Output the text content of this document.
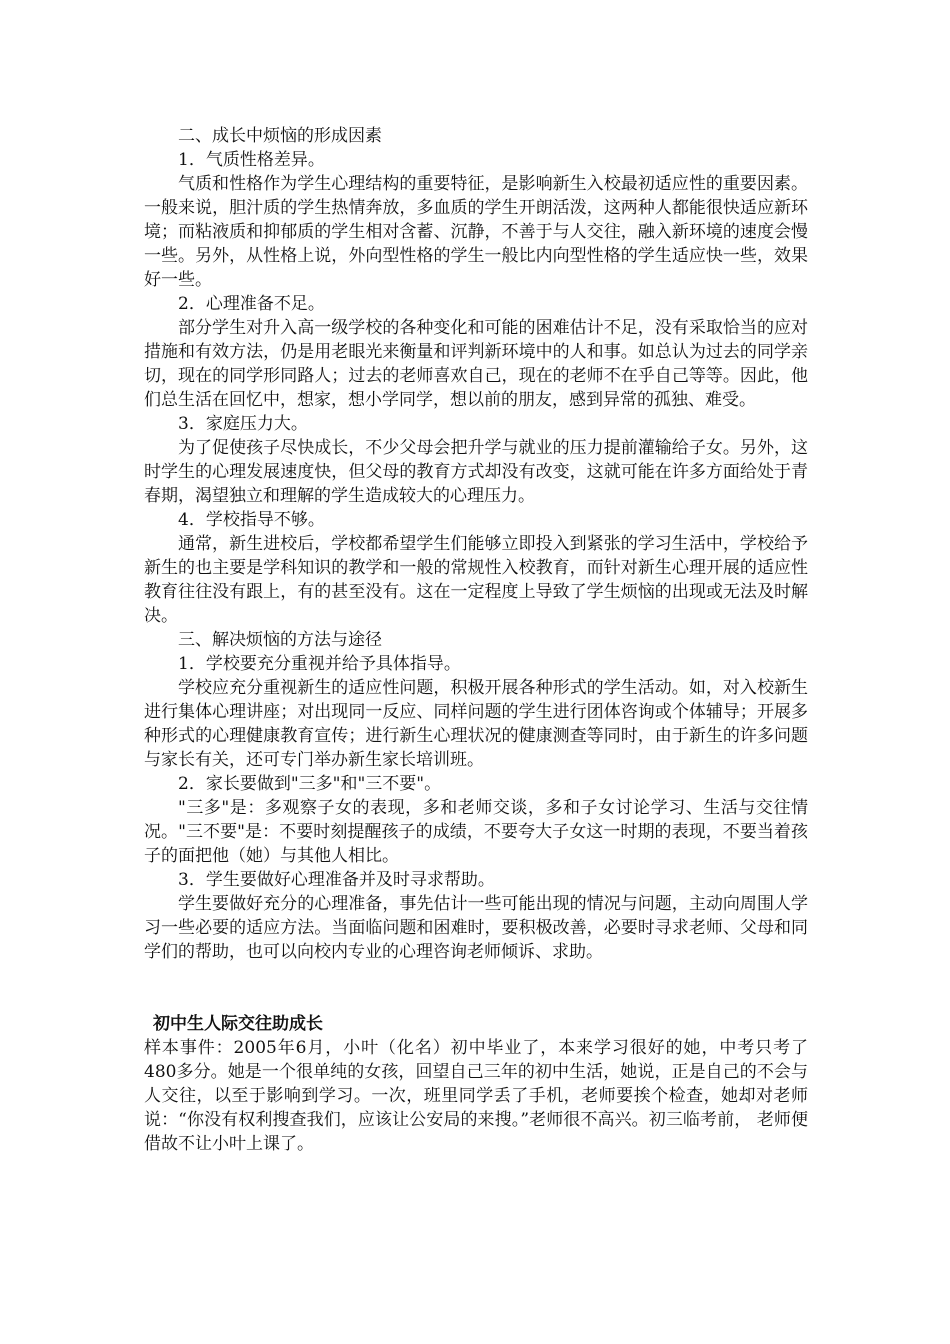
二、成长中烦恼的形成因素

1．气质性格差异。

气质和性格作为学生心理结构的重要特征，是影响新生入校最初适应性的重要因素。一般来说，胆汁质的学生热情奔放，多血质的学生开朗活泼，这两种人都能很快适应新环境；而粘液质和抑郁质的学生相对含蓄、沉静，不善于与人交往，融入新环境的速度会慢一些。另外，从性格上说，外向型性格的学生一般比内向型性格的学生适应快一些，效果好一些。

2．心理准备不足。

部分学生对升入高一级学校的各种变化和可能的困难估计不足，没有采取恰当的应对措施和有效方法，仍是用老眼光来衡量和评判新环境中的人和事。如总认为过去的同学亲切，现在的同学形同路人；过去的老师喜欢自己，现在的老师不在乎自己等等。因此，他们总生活在回忆中，想家，想小学同学，想以前的朋友，感到异常的孤独、难受。

3．家庭压力大。

为了促使孩子尽快成长，不少父母会把升学与就业的压力提前灌输给子女。另外，这时学生的心理发展速度快，但父母的教育方式却没有改变，这就可能在许多方面给处于青春期，渴望独立和理解的学生造成较大的心理压力。

4．学校指导不够。

通常，新生进校后，学校都希望学生们能够立即投入到紧张的学习生活中，学校给予新生的也主要是学科知识的教学和一般的常规性入校教育，而针对新生心理开展的适应性教育往往没有跟上，有的甚至没有。这在一定程度上导致了学生烦恼的出现或无法及时解决。

三、解决烦恼的方法与途径

1．学校要充分重视并给予具体指导。

学校应充分重视新生的适应性问题，积极开展各种形式的学生活动。如，对入校新生进行集体心理讲座；对出现同一反应、同样问题的学生进行团体咨询或个体辅导；开展多种形式的心理健康教育宣传；进行新生心理状况的健康测查等同时，由于新生的许多问题与家长有关，还可专门举办新生家长培训班。

2．家长要做到"三多"和"三不要"。

"三多"是：多观察子女的表现，多和老师交谈，多和子女讨论学习、生活与交往情况。"三不要"是：不要时刻提醒孩子的成绩，不要夸大子女这一时期的表现，不要当着孩子的面把他（她）与其他人相比。

3．学生要做好心理准备并及时寻求帮助。

学生要做好充分的心理准备，事先估计一些可能出现的情况与问题，主动向周围人学习一些必要的适应方法。当面临问题和困难时，要积极改善，必要时寻求老师、父母和同学们的帮助，也可以向校内专业的心理咨询老师倾诉、求助。

初中生人际交往助成长

样本事件：2005年6月，小叶（化名）初中毕业了，本来学习很好的她，中考只考了480多分。她是一个很单纯的女孩，回望自己三年的初中生活，她说，正是自己的不会与人交往，以至于影响到学习。一次，班里同学丢了手机，老师要挨个检查，她却对老师说：“你没有权利搜查我们，应该让公安局的来搜。”老师很不高兴。初三临考前， 老师便借故不让小叶上课了。
